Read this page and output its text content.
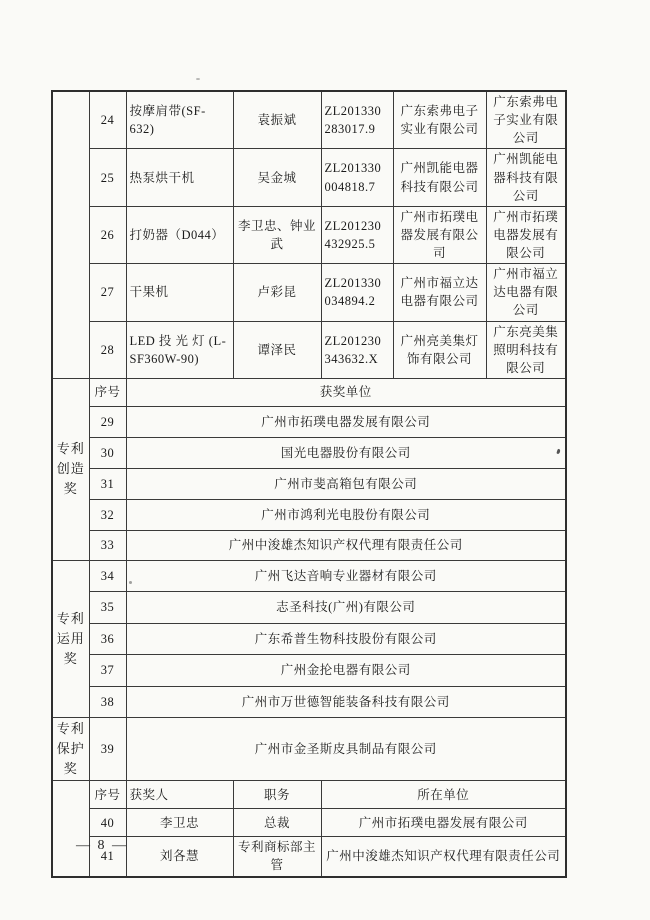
	24	按摩肩带(SF-632)	袁振斌	ZL201330283017.9	广东索弗电子实业有限公司	广东索弗电子实业有限公司
	25	热泵烘干机	吴金城	ZL201330004818.7	广州凯能电器科技有限公司	广州凯能电器科技有限公司
	26	打奶器（D044）	李卫忠、钟业武	ZL201230432925.5	广州市拓璞电器发展有限公司	广州市拓璞电器发展有限公司
	27	干果机	卢彩昆	ZL201330034894.2	广州市福立达电器有限公司	广州市福立达电器有限公司
	28	LED 投 光 灯 (L-SF360W-90)	谭泽民	ZL201230343632.X	广州亮美集灯饰有限公司	广东亮美集照明科技有限公司

专利创造奖	序号	获奖单位				
	29	广州市拓璞电器发展有限公司				
	30	国光电器股份有限公司				
	31	广州市斐高箱包有限公司				
	32	广州市鸿利光电股份有限公司				
	33	广州中浚雄杰知识产权代理有限责任公司				

专利运用奖	34	广州飞达音响专业器材有限公司				
	35	志圣科技(广州)有限公司				
	36	广东希普生物科技股份有限公司				
	37	广州金抡电器有限公司				
	38	广州市万世德智能装备科技有限公司				

专利保护奖	39	广州市金圣斯皮具制品有限公司				
	序号	获奖人	职务	所在单位		
	40	李卫忠	总裁	广州市拓璞电器发展有限公司		
	41	刘各慧	专利商标部主管	广州中浚雄杰知识产权代理有限责任公司		
— 8 —
